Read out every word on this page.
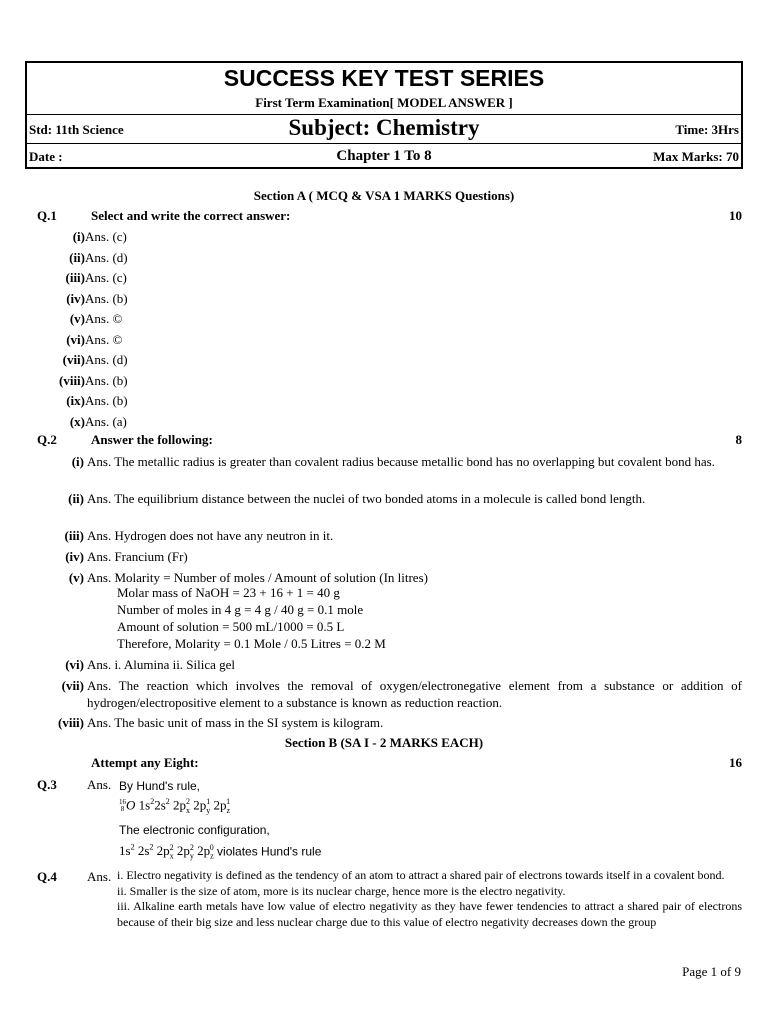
SUCCESS KEY TEST SERIES
First Term Examination[ MODEL ANSWER ]
Std: 11th Science	Subject: Chemistry	Time: 3Hrs
Date :	Chapter 1 To 8	Max Marks: 70
Section A ( MCQ & VSA 1 MARKS Questions)
Q.1	Select and write the correct answer:	10
(i)Ans. (c)
(ii)Ans. (d)
(iii)Ans. (c)
(iv)Ans. (b)
(v)Ans. ©
(vi)Ans. ©
(vii)Ans. (d)
(viii)Ans. (b)
(ix)Ans. (b)
(x)Ans. (a)
Q.2	Answer the following:	8
(i) Ans. The metallic radius is greater than covalent radius because metallic bond has no overlapping but covalent bond has.
(ii) Ans. The equilibrium distance between the nuclei of two bonded atoms in a molecule is called bond length.
(iii) Ans. Hydrogen does not have any neutron in it.
(iv) Ans. Francium (Fr)
(v) Ans. Molarity = Number of moles / Amount of solution (In litres)
Molar mass of NaOH = 23 + 16 + 1 = 40 g
Number of moles in 4 g = 4 g / 40 g = 0.1 mole
Amount of solution = 500 mL/1000 = 0.5 L
Therefore, Molarity = 0.1 Mole / 0.5 Litres = 0.2 M
(vi) Ans. i. Alumina ii. Silica gel
(vii) Ans. The reaction which involves the removal of oxygen/electronegative element from a substance or addition of hydrogen/electropositive element to a substance is known as reduction reaction.
(viii) Ans. The basic unit of mass in the SI system is kilogram.
Section B (SA I - 2 MARKS EACH)
Attempt any Eight:	16
Q.3 Ans. By Hund's rule,
16
8 O $1s^22s^2$ $2p_x^2$ $2p_y^1$ $2p_z^1$
The electronic configuration,
$1s^2$ $2s^2$ $2p_x^2$ $2p_y^2$ $2p_z^0$ violates Hund's rule
Q.4 Ans. i. Electro negativity is defined as the tendency of an atom to attract a shared pair of electrons towards itself in a covalent bond.
ii. Smaller is the size of atom, more is its nuclear charge, hence more is the electro negativity.
iii. Alkaline earth metals have low value of electro negativity as they have fewer tendencies to attract a shared pair of electrons because of their big size and less nuclear charge due to this value of electro negativity decreases down the group
Page 1 of 9
